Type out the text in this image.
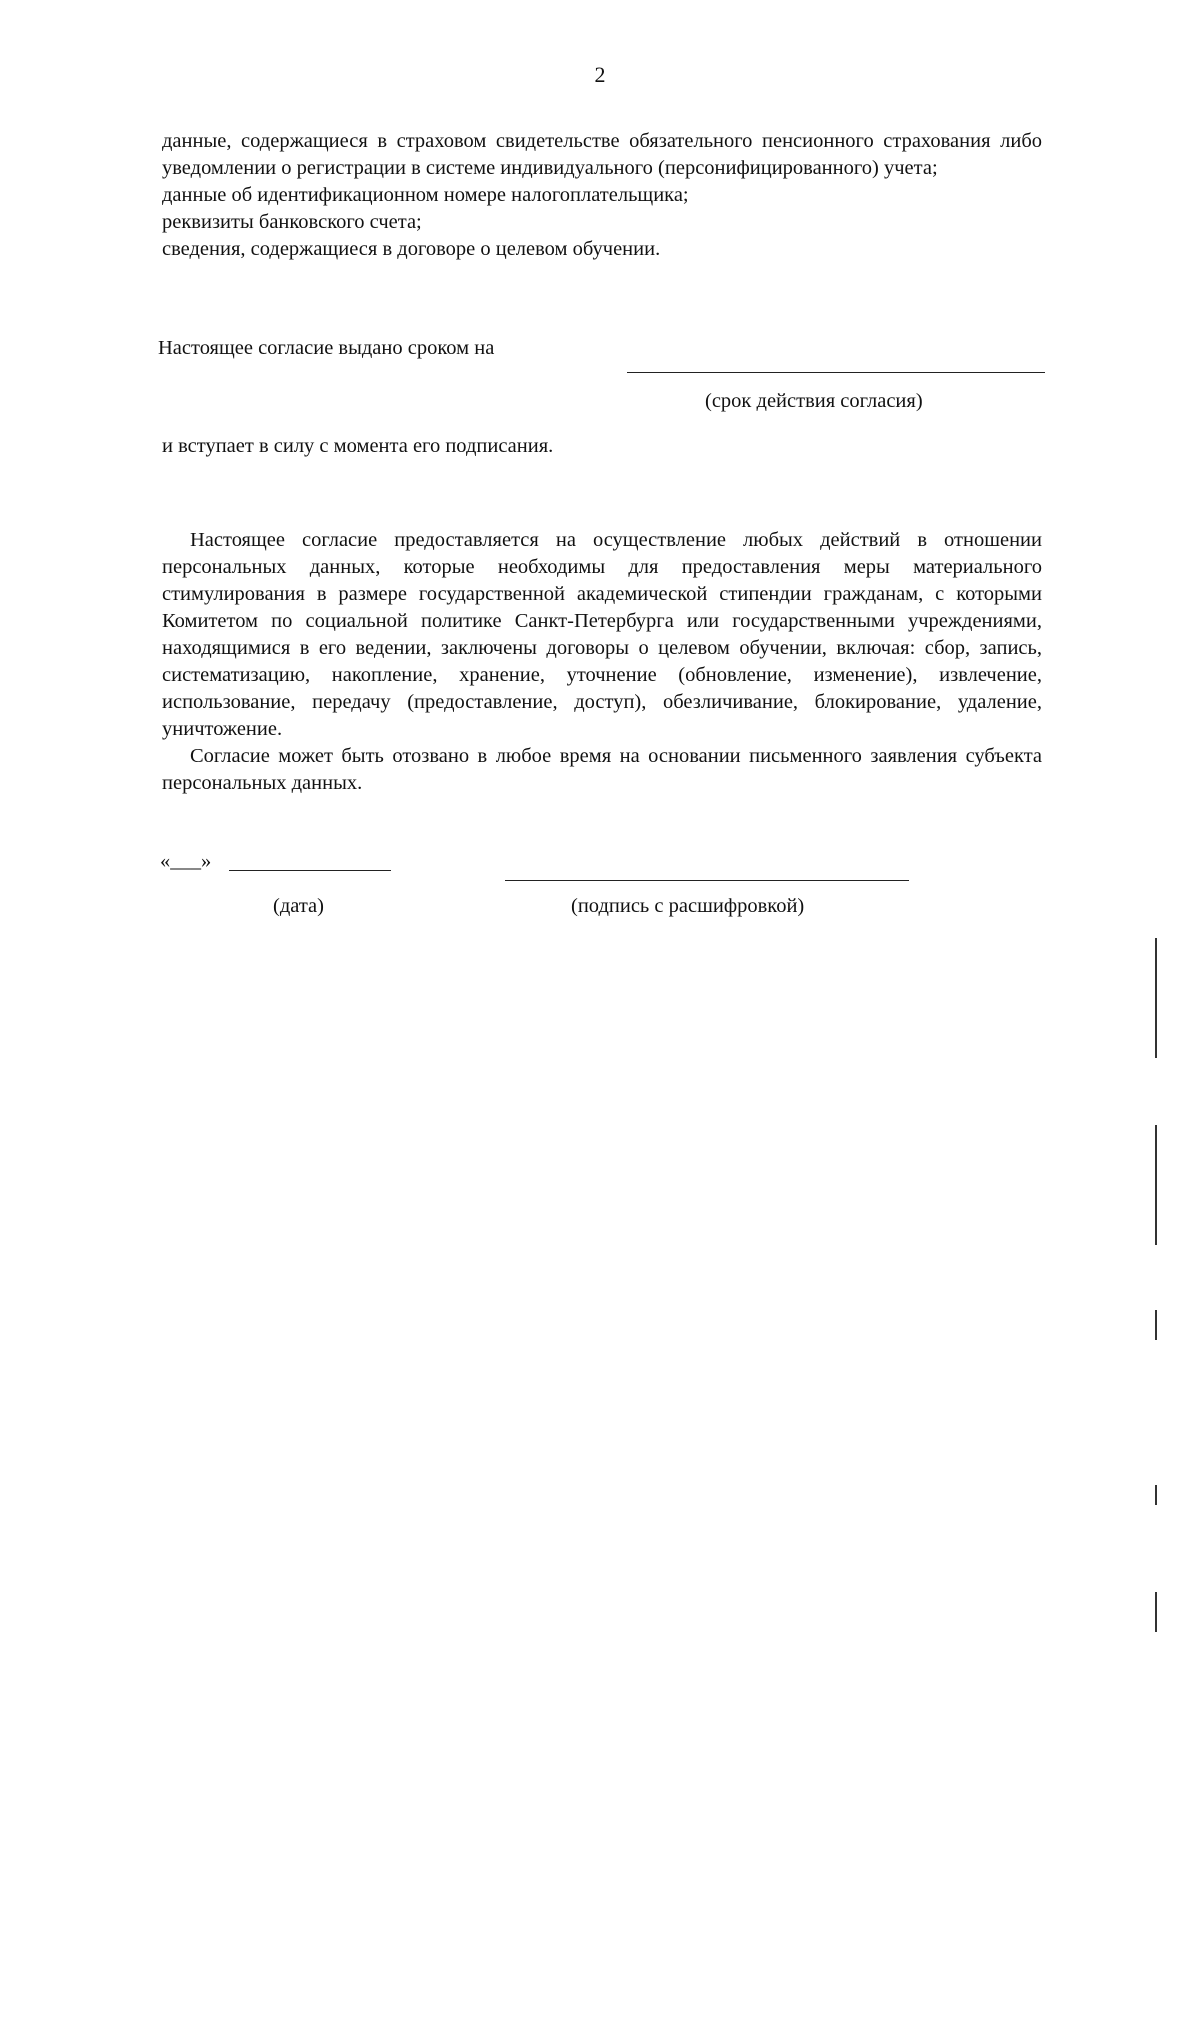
2

данные, содержащиеся в страховом свидетельстве обязательного пенсионного страхования либо уведомлении о регистрации в системе индивидуального (персонифицированного) учета;

данные об идентификационном номере налогоплательщика;

реквизиты банковского счета;

сведения, содержащиеся в договоре о целевом обучении.

Настоящее согласие выдано сроком на
(срок действия согласия)
и вступает в силу с момента его подписания.

Настоящее согласие предоставляется на осуществление любых действий в отношении персональных данных, которые необходимы для предоставления меры материального стимулирования в размере государственной академической стипендии гражданам, с которыми Комитетом по социальной политике Санкт-Петербурга или государственными учреждениями, находящимися в его ведении, заключены договоры о целевом обучении, включая: сбор, запись, систематизацию, накопление, хранение, уточнение (обновление, изменение), извлечение, использование, передачу (предоставление, доступ), обезличивание, блокирование, удаление, уничтожение.

Согласие может быть отозвано в любое время на основании письменного заявления субъекта персональных данных.

«___»
(дата)	(подпись с расшифровкой)
